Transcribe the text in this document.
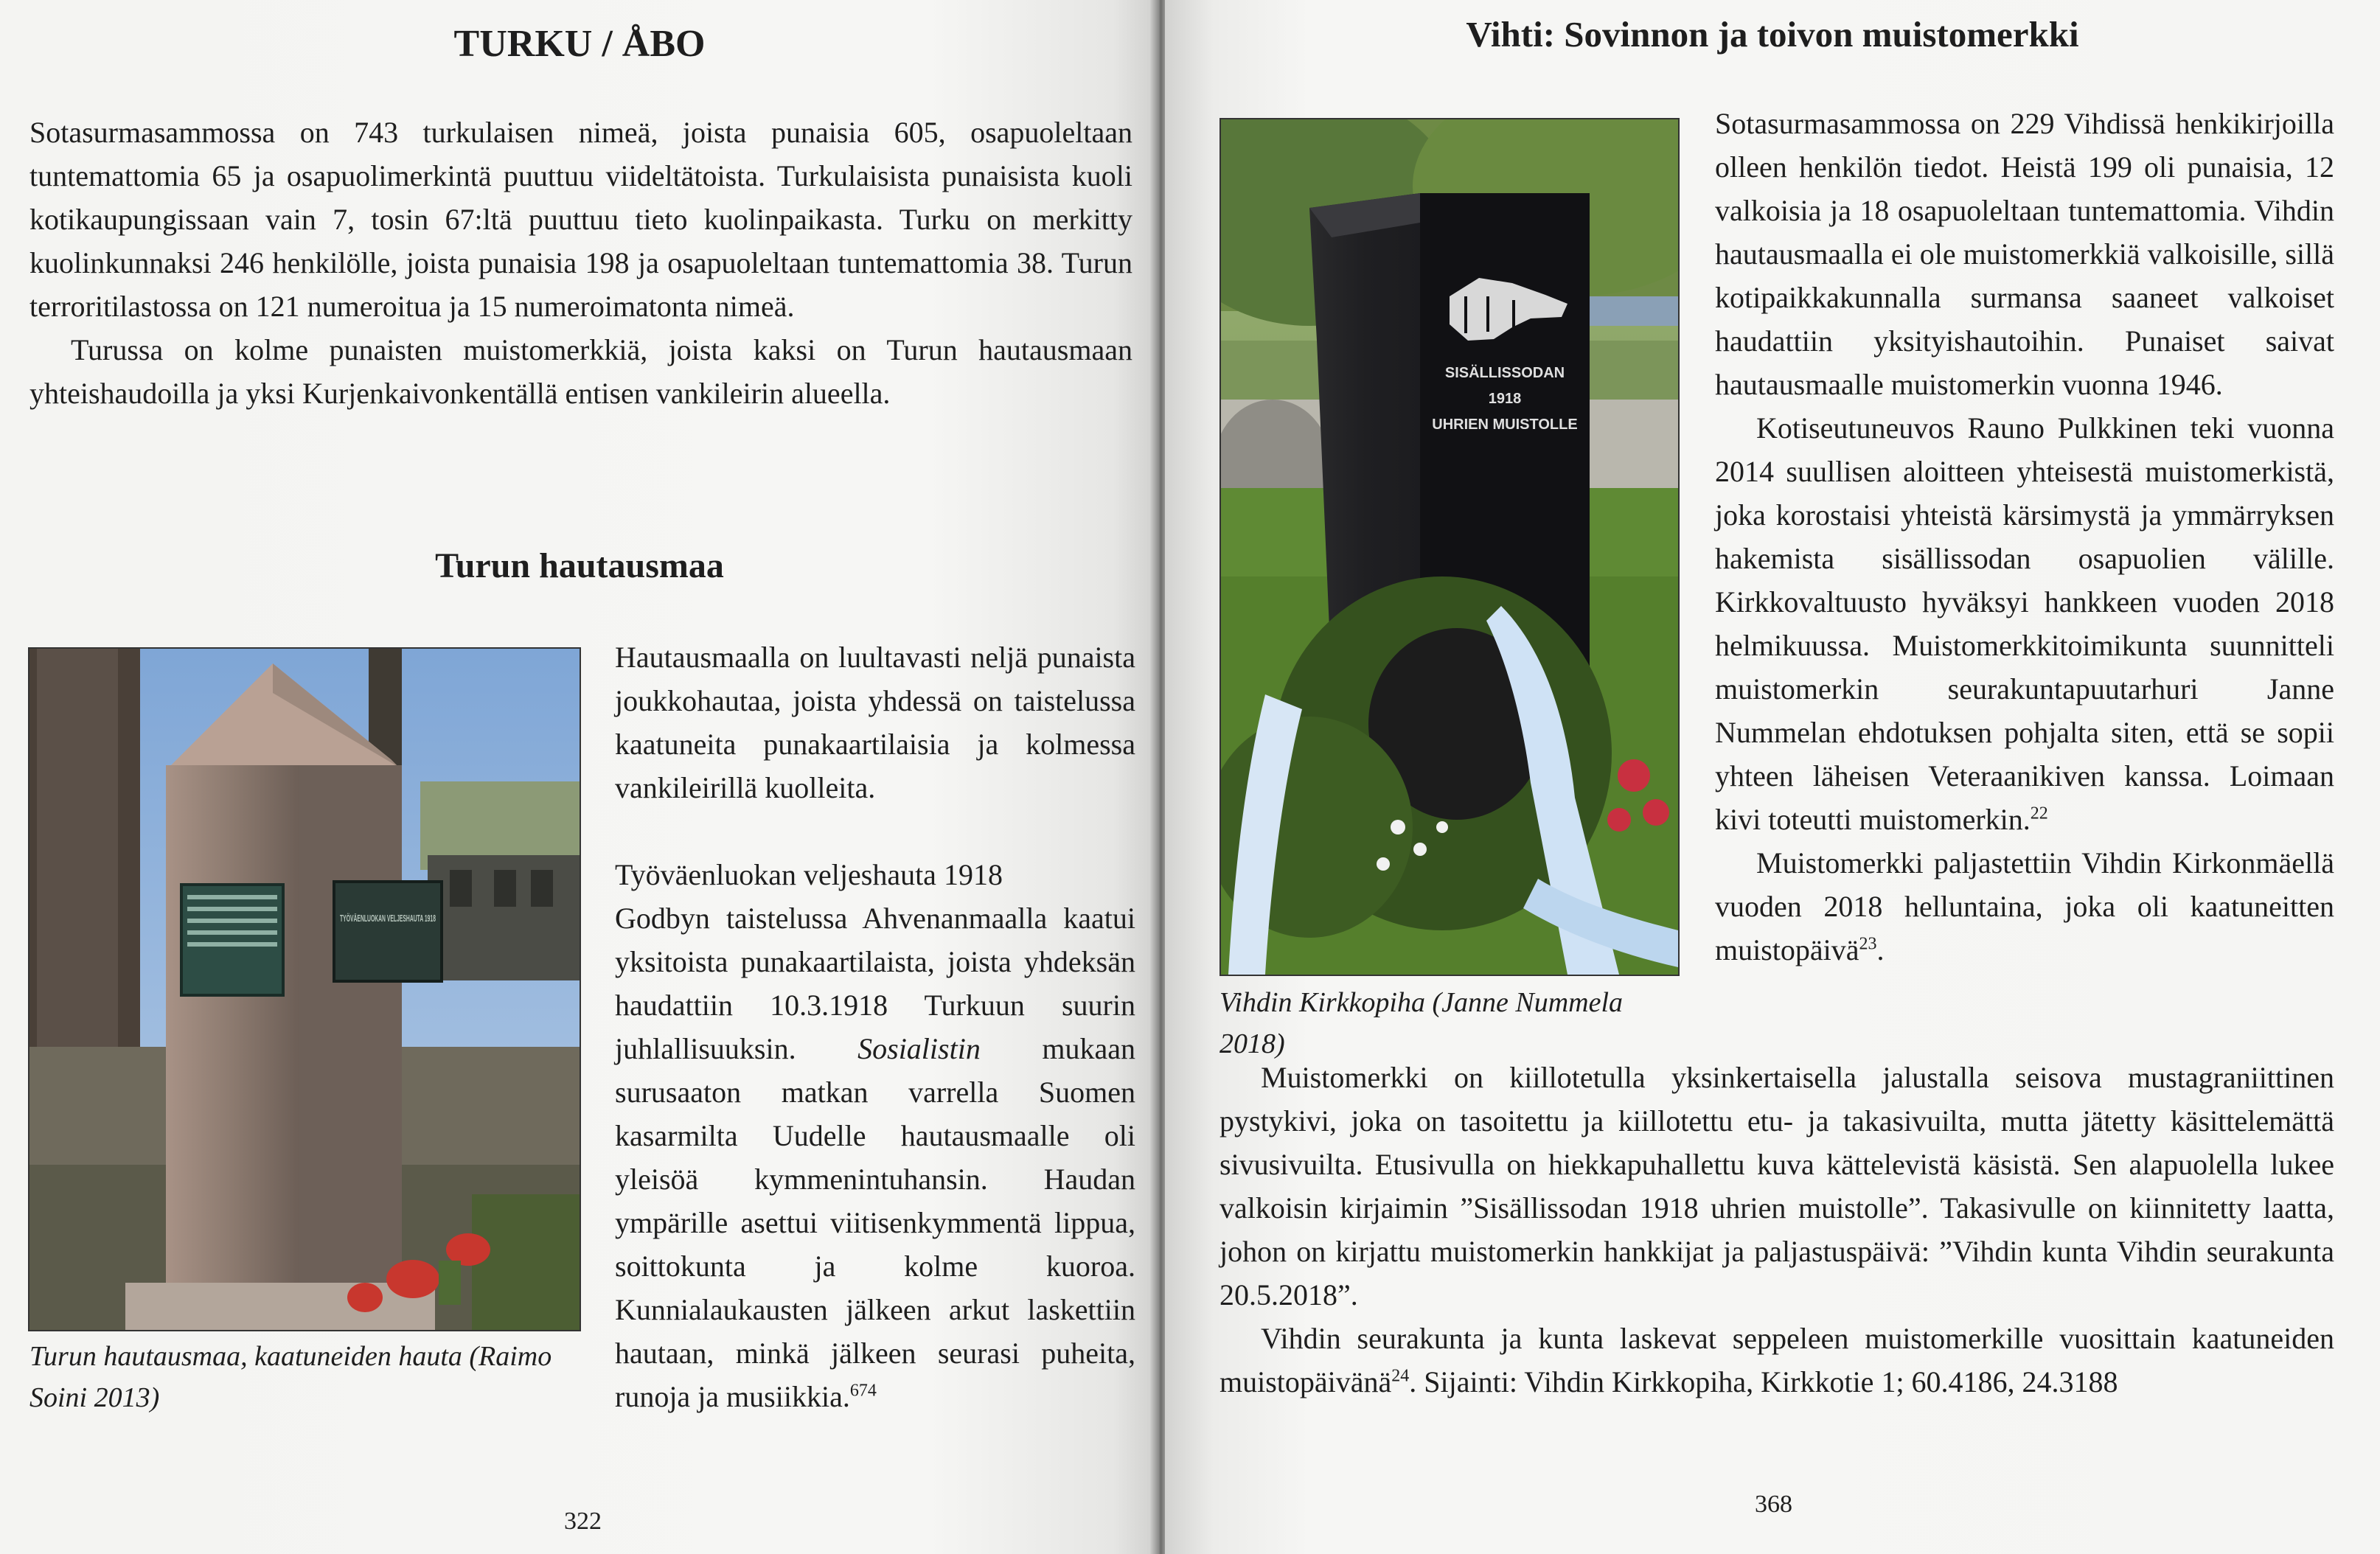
TURKU / ÅBO

Sotasurmasammossa on 743 turkulaisen nimeä, joista punaisia 605, osapuoleltaan tuntemattomia 65 ja osapuolimerkintä puuttuu viideltätoista. Turkulaisista punaisista kuoli kotikaupungissaan vain 7, tosin 67:ltä puuttuu tieto kuolinpaikasta. Turku on merkitty kuolinkunnaksi 246 henkilölle, joista punaisia 198 ja osapuoleltaan tuntemattomia 38. Turun terroritilastossa on 121 numeroitua ja 15 numeroimatonta nimeä.

Turussa on kolme punaisten muistomerkkiä, joista kaksi on Turun hautausmaan yhteishaudoilla ja yksi Kurjenkaivonkentällä entisen vankileirin alueella.

Turun hautausmaa
TYÖVÄENLUOKAN VELJESHAUTA 1918
Turun hautausmaa, kaatuneiden hauta (Raimo Soini 2013)

Hautausmaalla on luultavasti neljä punaista joukkohautaa, joista yhdessä on taistelussa kaatuneita punakaartilaisia ja kolmessa vankileirillä kuolleita.

Työväenluokan veljeshauta 1918

Godbyn taistelussa Ahvenanmaalla kaatui yksitoista punakaartilaista, joista yhdeksän haudattiin 10.3.1918 Turkuun suurin juhlallisuuksin. Sosialistin mukaan surusaaton matkan varrella Suomen kasarmilta Uudelle hautausmaalle oli yleisöä kymmenintuhansin. Haudan ympärille asettui viitisenkymmentä lippua, soittokunta ja kolme kuoroa. Kunnialaukausten jälkeen arkut laskettiin hautaan, minkä jälkeen seurasi puheita, runoja ja musiikkia.$^{674}$

322
Vihti: Sovinnon ja toivon muistomerkki
SISÄLLISSODAN
1918
UHRIEN MUISTOLLE
Vihdin Kirkkopiha (Janne Nummela 2018)

Sotasurmasammossa on 229 Vihdissä henkikirjoilla olleen henkilön tiedot. Heistä 199 oli punaisia, 12 valkoisia ja 18 osapuoleltaan tuntemattomia. Vihdin hautausmaalla ei ole muistomerkkiä valkoisille, sillä kotipaikkakunnalla surmansa saaneet valkoiset haudattiin yksityishautoihin. Punaiset saivat hautausmaalle muistomerkin vuonna 1946.

Kotiseutuneuvos Rauno Pulkkinen teki vuonna 2014 suullisen aloitteen yhteisestä muistomerkistä, joka korostaisi yhteistä kärsimystä ja ymmärryksen hakemista sisällissodan osapuolien välille. Kirkkovaltuusto hyväksyi hankkeen vuoden 2018 helmikuussa. Muistomerkkitoimikunta suunnitteli muistomerkin seurakuntapuutarhuri Janne Nummelan ehdotuksen pohjalta siten, että se sopii yhteen läheisen Veteraanikiven kanssa. Loimaan kivi toteutti muistomerkin.$^{22}$

Muistomerkki paljastettiin Vihdin Kirkonmäellä vuoden 2018 helluntaina, joka oli kaatuneitten muistopäivä$^{23}$.

Muistomerkki on kiillotetulla yksinkertaisella jalustalla seisova mustagraniittinen pystykivi, joka on tasoitettu ja kiillotettu etu- ja takasivuilta, mutta jätetty käsittelemättä sivusivuilta. Etusivulla on hiekkapuhallettu kuva kättelevistä käsistä. Sen alapuolella lukee valkoisin kirjaimin ”Sisällissodan 1918 uhrien muistolle”. Takasivulle on kiinnitetty laatta, johon on kirjattu muistomerkin hankkijat ja paljastuspäivä: ”Vihdin kunta Vihdin seurakunta 20.5.2018”.

Vihdin seurakunta ja kunta laskevat seppeleen muistomerkille vuosittain kaatuneiden muistopäivänä$^{24}$. Sijainti: Vihdin Kirkkopiha, Kirkkotie 1; 60.4186, 24.3188

368
